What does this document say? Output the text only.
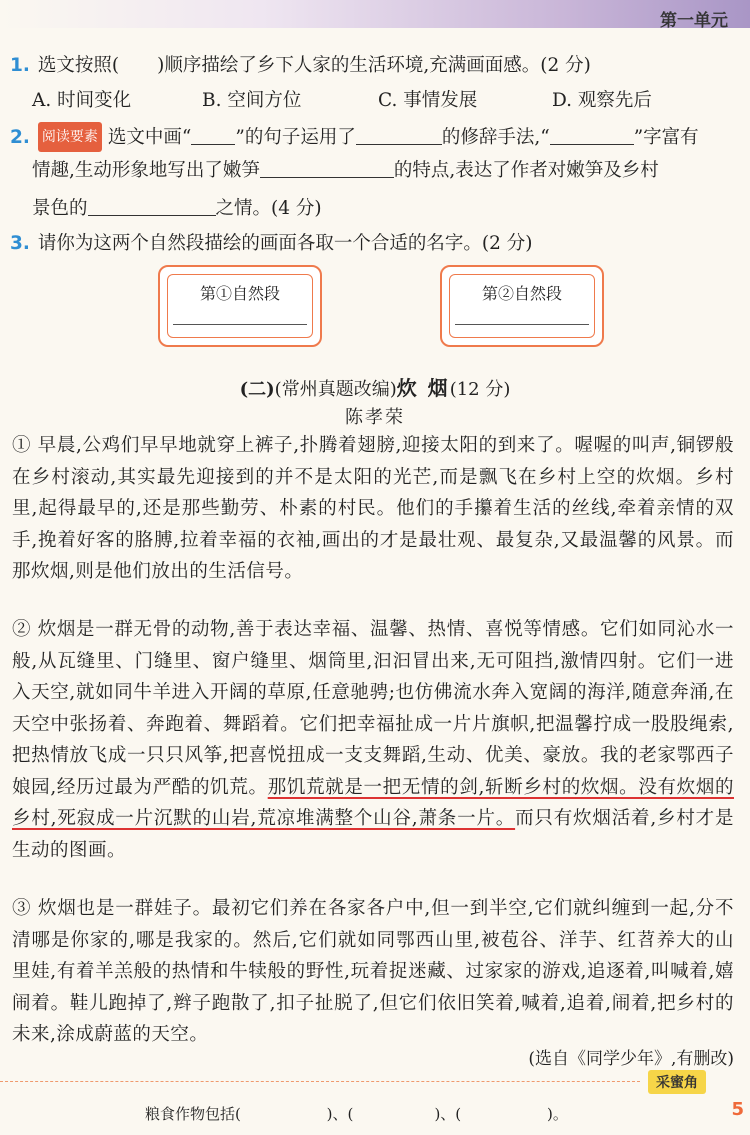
第一单元
1. 选文按照( )顺序描绘了乡下人家的生活环境,充满画面感。(2 分)
A. 时间变化	B. 空间方位	C. 事情发展	D. 观察先后
2. 阅读要素 选文中画“ ”的句子运用了	的修辞手法,“	”字富有
情趣,生动形象地写出了嫩笋	的特点,表达了作者对嫩笋及乡村
景色的	之情。(4 分)
3. 请你为这两个自然段描绘的画面各取一个合适的名字。(2 分)
第①自然段	第②自然段
(二)(常州真题改编)炊 烟(12 分)
陈孝荣
① 早晨,公鸡们早早地就穿上裤子,扑腾着翅膀,迎接太阳的到来了。喔喔的叫声,铜锣般在乡村滚动,其实最先迎接到的并不是太阳的光芒,而是飘飞在乡村上空的炊烟。乡村里,起得最早的,还是那些勤劳、朴素的村民。他们的手攥着生活的丝线,牵着亲情的双手,挽着好客的胳膊,拉着幸福的衣袖,画出的才是最壮观、最复杂,又最温馨的风景。而那炊烟,则是他们放出的生活信号。
② 炊烟是一群无骨的动物,善于表达幸福、温馨、热情、喜悦等情感。它们如同沁水一般,从瓦缝里、门缝里、窗户缝里、烟筒里,汩汩冒出来,无可阻挡,激情四射。它们一进入天空,就如同牛羊进入开阔的草原,任意驰骋;也仿佛流水奔入宽阔的海洋,随意奔涌,在天空中张扬着、奔跑着、舞蹈着。它们把幸福扯成一片片旗帜,把温馨拧成一股股绳索,把热情放飞成一只只风筝,把喜悦扭成一支支舞蹈,生动、优美、豪放。我的老家鄂西子娘园,经历过最为严酷的饥荒。那饥荒就是一把无情的剑,斩断乡村的炊烟。没有炊烟的乡村,死寂成一片沉默的山岩,荒凉堆满整个山谷,萧条一片。而只有炊烟活着,乡村才是生动的图画。
③ 炊烟也是一群娃子。最初它们养在各家各户中,但一到半空,它们就纠缠到一起,分不清哪是你家的,哪是我家的。然后,它们就如同鄂西山里,被苞谷、洋芋、红苕养大的山里娃,有着羊羔般的热情和牛犊般的野性,玩着捉迷藏、过家家的游戏,追逐着,叫喊着,嬉闹着。鞋儿跑掉了,辫子跑散了,扣子扯脱了,但它们依旧笑着,喊着,追着,闹着,把乡村的未来,涂成蔚蓝的天空。
(选自《同学少年》,有删改)
采蜜角
粮食作物包括(                  )、(                 )、(                  )。	5
